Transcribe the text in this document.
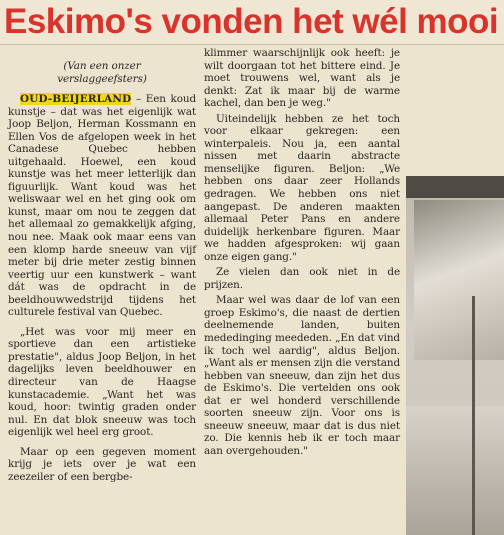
Eskimo's vonden het wél mooi
(Van een onzer
verslaggeefsters)

OUD-BEIJERLAND – Een koud kunstje – dat was het eigenlijk wat Joop Beljon, Herman Kossmann en Ellen Vos de afgelopen week in het Canadese Quebec hebben uitgehaald. Hoewel, een koud kunstje was het meer letterlijk dan figuurlijk. Want koud was het weliswaar wel en het ging ook om kunst, maar om nou te zeggen dat het allemaal zo gemakkelijk afging, nou nee. Maak ook maar eens van een klomp harde sneeuw van vijf meter bij drie meter zestig binnen veertig uur een kunstwerk – want dát was de opdracht in de beeldhouwwedstrijd tijdens het culturele festival van Quebec.

„Het was voor mij meer en sportieve dan een artistieke prestatie", aldus Joop Beljon, in het dagelijks leven beeldhouwer en directeur van de Haagse kunstacademie. „Want het was koud, hoor: twintig graden onder nul. En dat blok sneeuw was toch eigenlijk wel heel erg groot.

Maar op een gegeven moment krijg je iets over je wat een zeezeiler of een bergbe-

klimmer waarschijnlijk ook heeft: je wilt doorgaan tot het bittere eind. Je moet trouwens wel, want als je denkt: Zat ik maar bij de warme kachel, dan ben je weg."

Uiteindelijk hebben ze het toch voor elkaar gekregen: een winterpaleis. Nou ja, een aantal nissen met daarin abstracte menselijke figuren. Beljon: „We hebben ons daar zeer Hollands gedragen. We hebben ons niet aangepast. De anderen maakten allemaal Peter Pans en andere duidelijk herkenbare figuren. Maar we hadden afgesproken: wij gaan onze eigen gang."

Ze vielen dan ook niet in de prijzen.

Maar wel was daar de lof van een groep Eskimo's, die naast de dertien deelnemende landen, buiten mededinging meededen. „En dat vind ik toch wel aardig", aldus Beljon. „Want als er mensen zijn die verstand hebben van sneeuw, dan zijn het dus de Eskimo's. Die vertelden ons ook dat er wel honderd verschillende soorten sneeuw zijn. Voor ons is sneeuw sneeuw, maar dat is dus niet zo. Die kennis heb ik er toch maar aan overgehouden."
